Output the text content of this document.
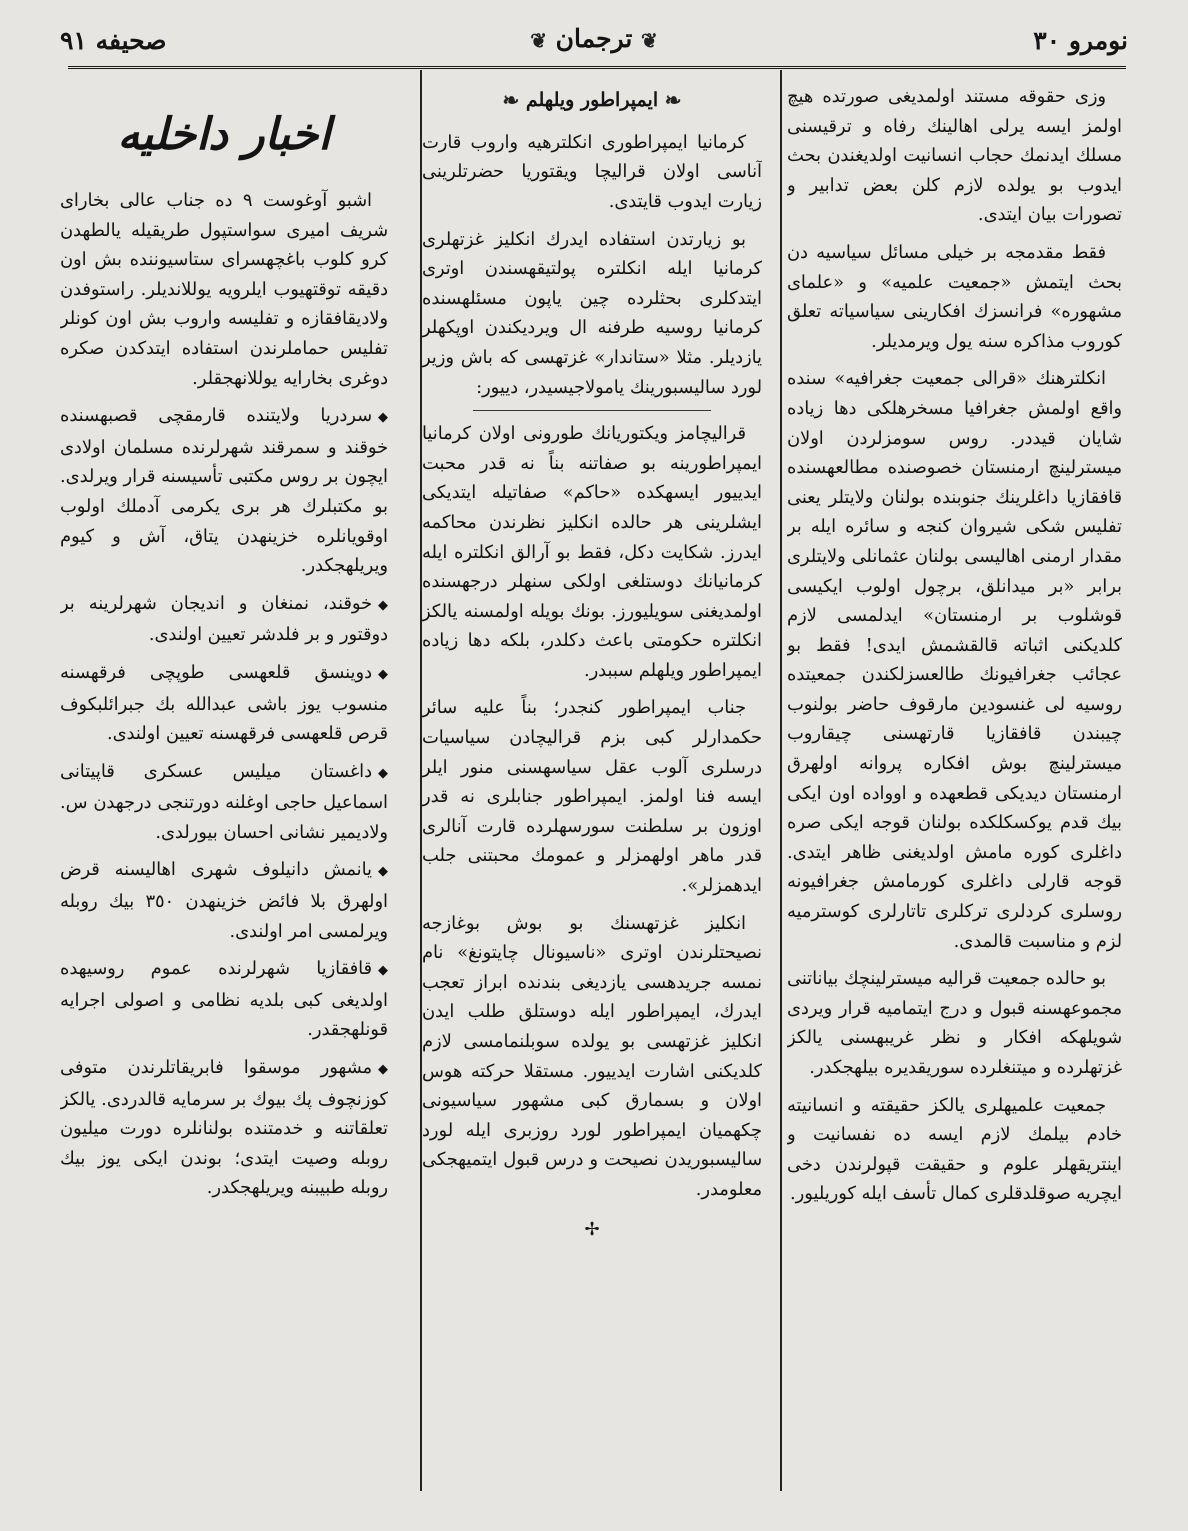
نومرو ٣٠
❦ ترجمان ❦
صحيفه ٩١

وزی حقوقه مستند اولمدیغی صورتده هیچ اولمز ایسه یرلی اهالینك رفاه و ترقیسنی مسلك ایدنمك حجاب انسانیت اولدیغندن بحث ایدوب بو یولده لازم كلن بعض تدابیر و تصورات بیان ایتدی.

فقط مقدمجه بر خیلی مسائل سیاسیه دن بحث ایتمش «جمعیت علمیه» و «علمای مشهوره» فرانسزك افكارینی سیاسیاته تعلق كوروب مذاكره سنه یول ویرمدیلر.

انكلترهنك «قرالی جمعیت جغرافیه» سنده واقع اولمش جغرافیا مسخرهلكی دها زیاده شایان قیددر. روس سومزلردن اولان میسترلینچ ارمنستان خصوصنده مطالعهسنده قافقازیا داغلرینك جنوبنده بولنان ولایتلر یعنی تفلیس شكی شیروان كنجه و سائره ایله بر مقدار ارمنی اهالیسی بولنان عثمانلی ولایتلری برابر «بر میدانلق، برچول اولوب ایكیسی قوشلوب بر ارمنستان» ایدلمسی لازم كلدیكنی اثباته قالقشمش ایدی! فقط بو عجائب جغرافیونك طالعسزلكندن جمعیتده روسیه لی غنسودین مارقوف حاضر بولنوب چیبندن قافقازیا قارتهسنی چیقاروب میسترلینچ بوش افكاره پروانه اولهرق ارمنستان دیدیكی قطعهده و اوواده اون ایكی بیك قدم یوكسكلكده بولنان قوجه ایكی صره داغلری كوره مامش اولدیغنی ظاهر ایتدی. قوجه قارلی داغلری كورمامش جغرافیونه روسلری كردلری تركلری تاتارلری كوسترمیه لزم و مناسبت قالمدی.

بو حالده جمعیت قرالیه میسترلینچك بیاناتنی مجموعهسنه قبول و درج ایتمامیه قرار ویردی شویلهكه افكار و نظر غریبهسنی یالكز غزتهلرده و میتنغلرده سوریقدیره بیلهجكدر.

جمعیت علمیهلری یالكز حقیقته و انسانیته خادم بیلمك لازم ایسه ده نفسانیت و اینتریقهلر علوم و حقیقت قپولرندن دخی ایچریه صوقلدقلری كمال تأسف ایله كوریلیور.

❧ ایمپراطور ویلهلم ❧

كرمانیا ایمپراطوری انكلترهیه واروب قارت آناسی اولان قرالیچا ویقتوریا حضرتلرینی زیارت ایدوب قایتدی.

بو زیارتدن استفاده ایدرك انكلیز غزتهلری كرمانیا ایله انكلتره پولتیقهسندن اوتری ایتدكلری بحثلرده چین یاپون مسئلهسنده كرمانیا روسیه طرفنه ال ویردیكندن اوپكهلر یازدیلر. مثلا «ستاندار» غزتهسی كه باش وزیر لورد سالیسبورینك یامولاجیسیدر، دییور:

قرالیچامز ویكتوریانك طورونی اولان كرمانیا ایمپراطورینه بو صفاتنه بناً نه قدر محبت ایدییور ایسهكده «حاكم» صفاتیله ایتدیكی ایشلرینی هر حالده انكلیز نظرندن محاكمه ایدرز. شكایت دكل، فقط بو آرالق انكلتره ایله كرمانیانك دوستلغی اولكی سنهلر درجهسنده اولمدیغنی سویلیورز. بونك بویله اولمسنه یالكز انكلتره حكومتی باعث دكلدر، بلكه دها زیاده ایمپراطور ویلهلم سببدر.

جناب ایمپراطور كنجدر؛ بناً علیه سائر حكمدارلر كبی بزم قرالیچادن سیاسیات درسلری آلوب عقل سیاسهسنی منور ایلر ایسه فنا اولمز. ایمپراطور جنابلری نه قدر اوزون بر سلطنت سورسهلرده قارت آنالری قدر ماهر اولهمزلر و عمومك محبتنی جلب ایدهمزلر».

انكلیز غزتهسنك بو بوش بوغازجه نصیحتلرندن اوتری «ناسیونال چایتونغ» نام نمسه جریدهسی یازدیغی بندنده ابراز تعجب ایدرك، ایمپراطور ایله دوستلق طلب ایدن انكلیز غزتهسی بو یولده سوبلنمامسی لازم كلدیكنی اشارت ایدییور. مستقلا حركته هوس اولان و بسمارق كبی مشهور سیاسیونی چكهمیان ایمپراطور لورد روزبری ایله لورد سالیسبوریدن نصیحت و درس قبول ایتمیهجكی معلومدر.

✢
اخبار داخلیه

اشبو آوغوست ٩ ده جناب عالی بخارای شریف امیری سواستپول طریقیله یالطهدن كرو كلوب باغچهسرای ستاسیوننده بش اون دقیقه توقتهیوب ایلرویه یوللاندیلر. راستوفدن ولادیقافقازه و تفلیسه واروب بش اون كونلر تفلیس حماملرندن استفاده ایتدكدن صكره دوغری بخارایه یوللانهجقلر.

◆سردریا ولایتنده قارمقچی قصبهسنده خوقند و سمرقند شهرلرنده مسلمان اولادی ایچون بر روس مكتبی تأسیسنه قرار ویرلدی. بو مكتبلرك هر بری یكرمی آدملك اولوب اوقویانلره خزینهدن یتاق، آش و كیوم ویریلهجكدر.

◆خوقند، نمنغان و اندیجان شهرلرینه بر دوقتور و بر فلدشر تعیین اولندی.

◆دوینسق قلعهسی طوپچی فرقهسنه منسوب یوز باشی عبدالله بك جبرائلبكوف قرص قلعهسی فرقهسنه تعیین اولندی.

◆داغستان میلیس عسكری قاپیتانی اسماعیل حاجی اوغلنه دورتنجی درجهدن س. ولادیمیر نشانی احسان بیورلدی.

◆یانمش دانیلوف شهری اهالیسنه قرض اولهرق بلا فائض خزینهدن ٣٥٠ بیك روبله ویرلمسی امر اولندی.

◆قافقازیا شهرلرنده عموم روسیهده اولدیغی كبی بلدیه نظامی و اصولی اجرایه قونلهجقدر.

◆مشهور موسقوا فابریقاتلرندن متوفی كوزنچوف پك بیوك بر سرمایه قالدردی. یالكز تعلقاتنه و خدمتنده بولنانلره دورت میلیون روبله وصیت ایتدی؛ بوندن ایكی یوز بیك روبله طبیبنه ویریلهجكدر.
